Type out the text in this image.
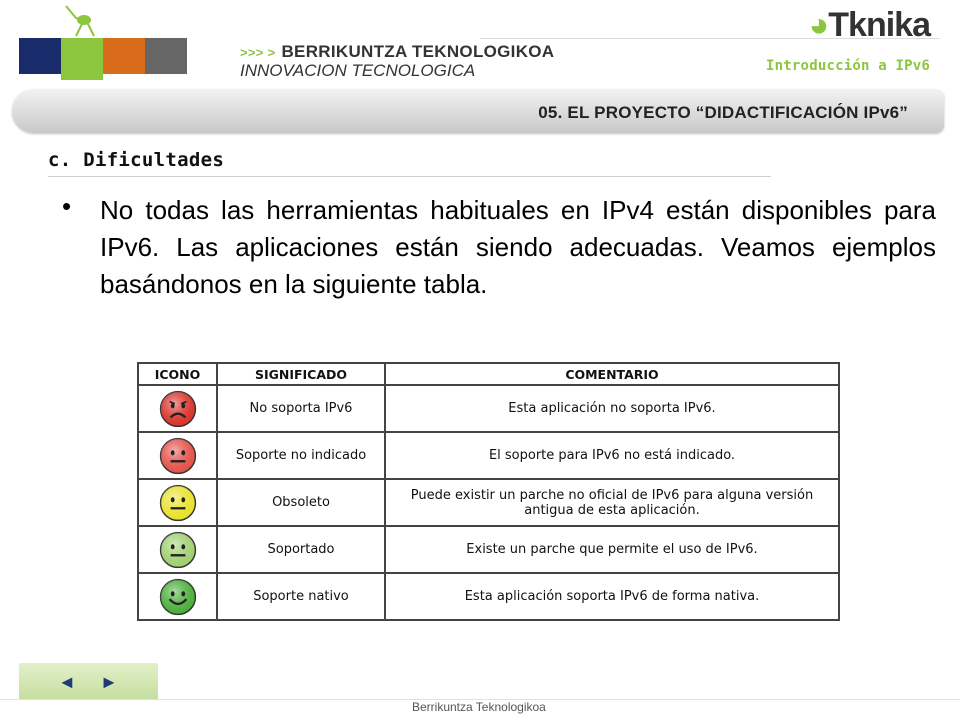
>>> > BERRIKUNTZA TEKNOLOGIKOA
INNOVACION TECNOLOGICA
◕Tknika
Introducción a IPv6
05. EL PROYECTO “DIDACTIFICACIÓN IPv6”
c. Dificultades
• No todas las herramientas habituales en IPv4 están disponibles para IPv6. Las aplicaciones están siendo adecuadas. Veamos ejemplos basándonos en la siguiente tabla.
ICONO	SIGNIFICADO	COMENTARIO

	No soporta IPv6	Esta aplicación no soporta IPv6.

	Soporte no indicado	El soporte para IPv6 no está indicado.

	Obsoleto	Puede existir un parche no oficial de IPv6 para alguna versión antigua de esta aplicación.

	Soportado	Existe un parche que permite el uso de IPv6.

	Soporte nativo	Esta aplicación soporta IPv6 de forma nativa.
◄ ►
Berrikuntza Teknologikoa
